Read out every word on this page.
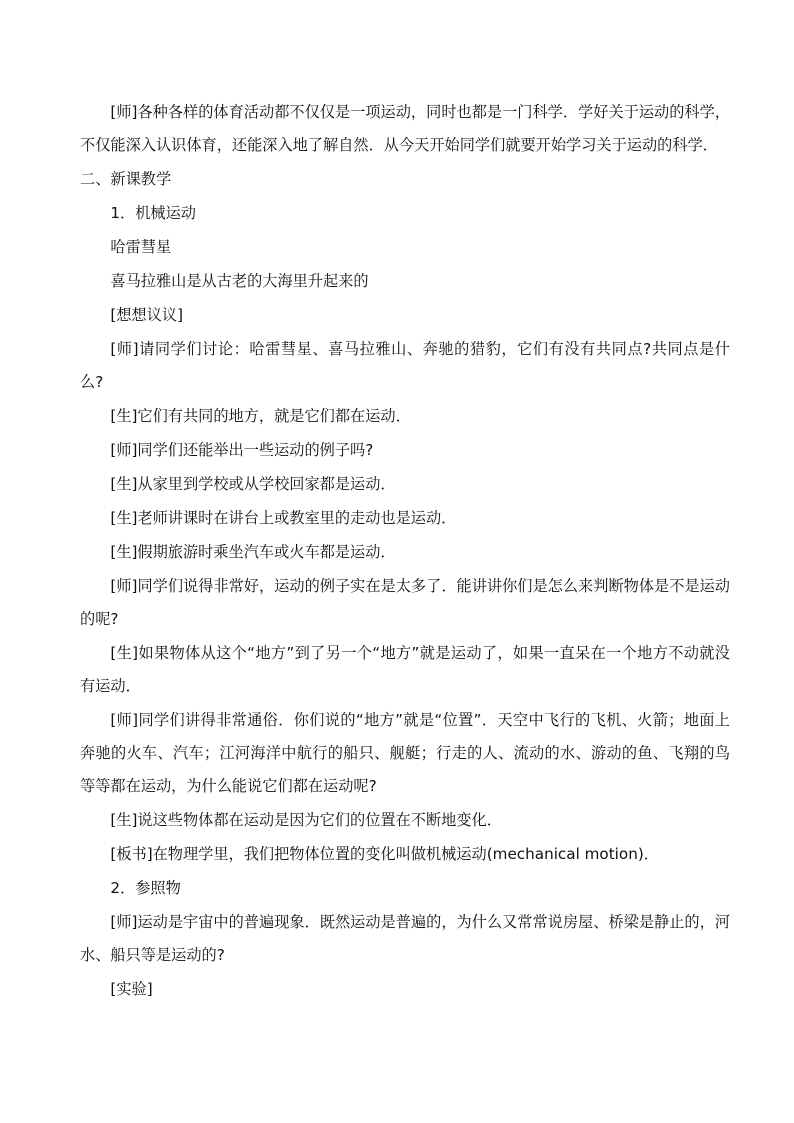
[师]各种各样的体育活动都不仅仅是一项运动，同时也都是一门科学．学好关于运动的科学，不仅能深入认识体育，还能深入地了解自然．从今天开始同学们就要开始学习关于运动的科学．

二、新课教学

1．机械运动

哈雷彗星

喜马拉雅山是从古老的大海里升起来的

[想想议议]

[师]请同学们讨论：哈雷彗星、喜马拉雅山、奔驰的猎豹，它们有没有共同点?共同点是什么?

[生]它们有共同的地方，就是它们都在运动．

[师]同学们还能举出一些运动的例子吗?

[生]从家里到学校或从学校回家都是运动．

[生]老师讲课时在讲台上或教室里的走动也是运动．

[生]假期旅游时乘坐汽车或火车都是运动．

[师]同学们说得非常好，运动的例子实在是太多了．能讲讲你们是怎么来判断物体是不是运动的呢?

[生]如果物体从这个“地方”到了另一个“地方”就是运动了，如果一直呆在一个地方不动就没有运动．

[师]同学们讲得非常通俗．你们说的“地方”就是“位置”．天空中飞行的飞机、火箭；地面上奔驰的火车、汽车；江河海洋中航行的船只、舰艇；行走的人、流动的水、游动的鱼、飞翔的鸟等等都在运动，为什么能说它们都在运动呢?

[生]说这些物体都在运动是因为它们的位置在不断地变化．

[板书]在物理学里，我们把物体位置的变化叫做机械运动(mechanical motion)．

2．参照物

[师]运动是宇宙中的普遍现象．既然运动是普遍的，为什么又常常说房屋、桥梁是静止的，河水、船只等是运动的?

[实验]
